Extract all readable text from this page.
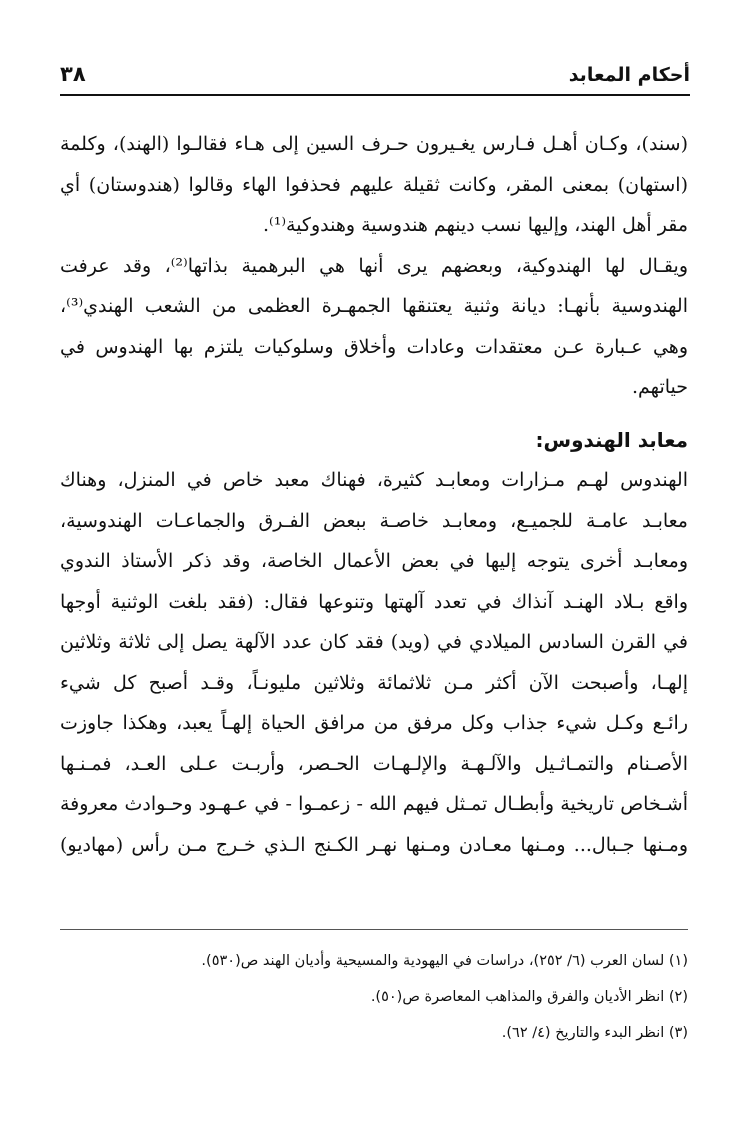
أحكام المعابد
٣٨
(سند)، وكـان أهـل فـارس يغـيرون حـرف السين إلى هـاء فقالـوا (الهند)، وكلمة
(استهان) بمعنى المقر، وكانت ثقيلة عليهم فحذفوا الهاء وقالوا (هندوستان) أي
مقر أهل الهند، وإليها نسب دينهم هندوسية وهندوكية⁽¹⁾.
ويقـال لها الهندوكية، وبعضهم يرى أنها هي البرهمية بذاتها⁽²⁾، وقد عرفت
الهندوسية بأنهـا: ديانة وثنية يعتنقها الجمهـرة العظمى من الشعب الهندي⁽³⁾،
وهي عـبارة عـن معتقدات وعادات وأخلاق وسلوكيات يلتزم بها الهندوس في
حياتهم.
معابد الهندوس:
الهندوس لهـم مـزارات ومعابـد كثيرة، فهناك معبد خاص في المنزل، وهناك
معابـد عامـة للجميـع، ومعابـد خاصـة ببعض الفـرق والجماعـات الهندوسية،
ومعابـد أخرى يتوجه إليها في بعض الأعمال الخاصة، وقد ذكر الأستاذ الندوي
واقع بـلاد الهنـد آنذاك في تعدد آلهتها وتنوعها فقال: (فقد بلغت الوثنية أوجها
في القرن السادس الميلادي في (ويد) فقد كان عدد الآلهة يصل إلى ثلاثة وثلاثين
إلهـا، وأصبحت الآن أكثر مـن ثلاثمائة وثلاثين مليونـاً، وقـد أصبح كل شيء
رائـع وكـل شيء جذاب وكل مرفق من مرافق الحياة إلهـاً يعبد، وهكذا جاوزت
الأصـنام والتمـاثـيل والآلـهـة والإلـهـات الحـصر، وأربـت عـلى العـد، فمـنـها
أشـخاص تاريخية وأبطـال تمـثل فيهم الله - زعمـوا - في عـهـود وحـوادث معروفة
ومـنها جـبال... ومـنها معـادن ومـنها نهـر الكـنج الـذي خـرج مـن رأس (مهاديو)
(١) لسان العرب (٦/ ٢٥٢)، دراسات في اليهودية والمسيحية وأديان الهند ص(٥٣٠).
(٢) انظر الأديان والفرق والمذاهب المعاصرة ص(٥٠).
(٣) انظر البدء والتاريخ (٤/ ٦٢).
